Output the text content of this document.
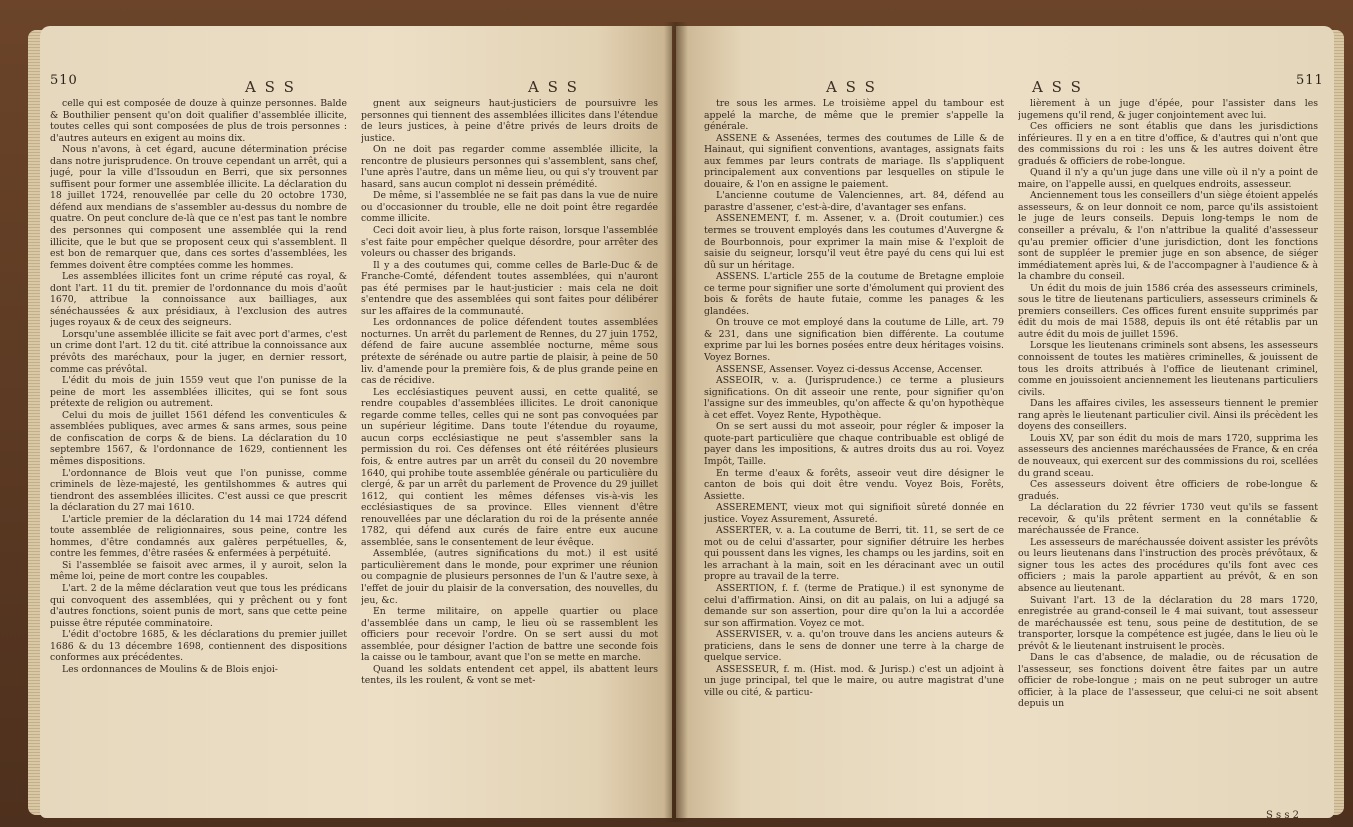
510	A S S	A S S

celle qui est composée de douze à quinze personnes. Balde & Bouthilier pensent qu'on doit qualifier d'assemblée illicite, toutes celles qui sont composées de plus de trois personnes : d'autres auteurs en exigent au moins dix.

Nous n'avons, à cet égard, aucune détermination précise dans notre jurisprudence. On trouve cependant un arrêt, qui a jugé, pour la ville d'Issoudun en Berri, que six personnes suffisent pour former une assemblée illicite. La déclaration du 18 juillet 1724, renouvellée par celle du 20 octobre 1730, défend aux mendians de s'assembler au-dessus du nombre de quatre. On peut conclure de-là que ce n'est pas tant le nombre des personnes qui composent une assemblée qui la rend illicite, que le but que se proposent ceux qui s'assemblent. Il est bon de remarquer que, dans ces sortes d'assemblées, les femmes doivent être comptées comme les hommes.

Les assemblées illicites font un crime réputé cas royal, & dont l'art. 11 du tit. premier de l'ordonnance du mois d'août 1670, attribue la connoissance aux bailliages, aux sénéchaussées & aux présidiaux, à l'exclusion des autres juges royaux & de ceux des seigneurs.

Lorsqu'une assemblée illicite se fait avec port d'armes, c'est un crime dont l'art. 12 du tit. cité attribue la connoissance aux prévôts des maréchaux, pour la juger, en dernier ressort, comme cas prévôtal.

L'édit du mois de juin 1559 veut que l'on punisse de la peine de mort les assemblées illicites, qui se font sous prétexte de religion ou autrement.

Celui du mois de juillet 1561 défend les conventicules & assemblées publiques, avec armes & sans armes, sous peine de confiscation de corps & de biens. La déclaration du 10 septembre 1567, & l'ordonnance de 1629, contiennent les mêmes dispositions.

L'ordonnance de Blois veut que l'on punisse, comme criminels de lèze-majesté, les gentilshommes & autres qui tiendront des assemblées illicites. C'est aussi ce que prescrit la déclaration du 27 mai 1610.

L'article premier de la déclaration du 14 mai 1724 défend toute assemblée de religionnaires, sous peine, contre les hommes, d'être condamnés aux galères perpétuelles, &, contre les femmes, d'être rasées & enfermées à perpétuité.

Si l'assemblée se faisoit avec armes, il y auroit, selon la même loi, peine de mort contre les coupables.

L'art. 2 de la même déclaration veut que tous les prédicans qui convoquent des assemblées, qui y prêchent ou y font d'autres fonctions, soient punis de mort, sans que cette peine puisse être réputée comminatoire.

L'édit d'octobre 1685, & les déclarations du premier juillet 1686 & du 13 décembre 1698, contiennent des dispositions conformes aux précédentes.

Les ordonnances de Moulins & de Blois enjoi-

gnent aux seigneurs haut-justiciers de poursuivre les personnes qui tiennent des assemblées illicites dans l'étendue de leurs justices, à peine d'être privés de leurs droits de justice.

On ne doit pas regarder comme assemblée illicite, la rencontre de plusieurs personnes qui s'assemblent, sans chef, l'une après l'autre, dans un même lieu, ou qui s'y trouvent par hasard, sans aucun complot ni dessein prémédité.

De même, si l'assemblée ne se fait pas dans la vue de nuire ou d'occasionner du trouble, elle ne doit point être regardée comme illicite.

Ceci doit avoir lieu, à plus forte raison, lorsque l'assemblée s'est faite pour empêcher quelque désordre, pour arrêter des voleurs ou chasser des brigands.

Il y a des coutumes qui, comme celles de Barle-Duc & de Franche-Comté, défendent toutes assemblées, qui n'auront pas été permises par le haut-justicier : mais cela ne doit s'entendre que des assemblées qui sont faites pour délibérer sur les affaires de la communauté.

Les ordonnances de police défendent toutes assemblées nocturnes. Un arrêt du parlement de Rennes, du 27 juin 1752, défend de faire aucune assemblée nocturne, même sous prétexte de sérénade ou autre partie de plaisir, à peine de 50 liv. d'amende pour la première fois, & de plus grande peine en cas de récidive.

Les ecclésiastiques peuvent aussi, en cette qualité, se rendre coupables d'assemblées illicites. Le droit canonique regarde comme telles, celles qui ne sont pas convoquées par un supérieur légitime. Dans toute l'étendue du royaume, aucun corps ecclésiastique ne peut s'assembler sans la permission du roi. Ces défenses ont été réitérées plusieurs fois, & entre autres par un arrêt du conseil du 20 novembre 1640, qui prohibe toute assemblée générale ou particulière du clergé, & par un arrêt du parlement de Provence du 29 juillet 1612, qui contient les mêmes défenses vis-à-vis les ecclésiastiques de sa province. Elles viennent d'être renouvellées par une déclaration du roi de la présente année 1782, qui défend aux curés de faire entre eux aucune assemblée, sans le consentement de leur évêque.

Assemblée, (autres significations du mot.) il est usité particulièrement dans le monde, pour exprimer une réunion ou compagnie de plusieurs personnes de l'un & l'autre sexe, à l'effet de jouir du plaisir de la conversation, des nouvelles, du jeu, &c.

En terme militaire, on appelle quartier ou place d'assemblée dans un camp, le lieu où se rassemblent les officiers pour recevoir l'ordre. On se sert aussi du mot assemblée, pour désigner l'action de battre une seconde fois la caisse ou le tambour, avant que l'on se mette en marche.

Quand les soldats entendent cet appel, ils abattent leurs tentes, ils les roulent, & vont se met-

A S S	A S S	511

tre sous les armes. Le troisième appel du tambour est appelé la marche, de même que le premier s'appelle la générale.

ASSENE & Assenées, termes des coutumes de Lille & de Hainaut, qui signifient conventions, avantages, assignats faits aux femmes par leurs contrats de mariage. Ils s'appliquent principalement aux conventions par lesquelles on stipule le douaire, & l'on en assigne le paiement.

L'ancienne coutume de Valenciennes, art. 84, défend au parastre d'assener, c'est-à-dire, d'avantager ses enfans.

ASSENEMENT, f. m. Assener, v. a. (Droit coutumier.) ces termes se trouvent employés dans les coutumes d'Auvergne & de Bourbonnois, pour exprimer la main mise & l'exploit de saisie du seigneur, lorsqu'il veut être payé du cens qui lui est dû sur un héritage.

ASSENS. L'article 255 de la coutume de Bretagne emploie ce terme pour signifier une sorte d'émolument qui provient des bois & forêts de haute futaie, comme les panages & les glandées.

On trouve ce mot employé dans la coutume de Lille, art. 79 & 231, dans une signification bien différente. La coutume exprime par lui les bornes posées entre deux héritages voisins. Voyez Bornes.

ASSENSE, Assenser. Voyez ci-dessus Accense, Accenser.

ASSEOIR, v. a. (Jurisprudence.) ce terme a plusieurs significations. On dit asseoir une rente, pour signifier qu'on l'assigne sur des immeubles, qu'on affecte & qu'on hypothèque à cet effet. Voyez Rente, Hypothèque.

On se sert aussi du mot asseoir, pour régler & imposer la quote-part particulière que chaque contribuable est obligé de payer dans les impositions, & autres droits dus au roi. Voyez Impôt, Taille.

En terme d'eaux & forêts, asseoir veut dire désigner le canton de bois qui doit être vendu. Voyez Bois, Forêts, Assiette.

ASSEREMENT, vieux mot qui signifioit sûreté donnée en justice. Voyez Assurement, Assureté.

ASSERTER, v. a. La coutume de Berri, tit. 11, se sert de ce mot ou de celui d'assarter, pour signifier détruire les herbes qui poussent dans les vignes, les champs ou les jardins, soit en les arrachant à la main, soit en les déracinant avec un outil propre au travail de la terre.

ASSERTION, f. f. (terme de Pratique.) il est synonyme de celui d'affirmation. Ainsi, on dit au palais, on lui a adjugé sa demande sur son assertion, pour dire qu'on la lui a accordée sur son affirmation. Voyez ce mot.

ASSERVISER, v. a. qu'on trouve dans les anciens auteurs & praticiens, dans le sens de donner une terre à la charge de quelque service.

ASSESSEUR, f. m. (Hist. mod. & Jurisp.) c'est un adjoint à un juge principal, tel que le maire, ou autre magistrat d'une ville ou cité, & particu-

lièrement à un juge d'épée, pour l'assister dans les jugemens qu'il rend, & juger conjointement avec lui.

Ces officiers ne sont établis que dans les jurisdictions inférieures. Il y en a en titre d'office, & d'autres qui n'ont que des commissions du roi : les uns & les autres doivent être gradués & officiers de robe-longue.

Quand il n'y a qu'un juge dans une ville où il n'y a point de maire, on l'appelle aussi, en quelques endroits, assesseur.

Anciennement tous les conseillers d'un siège étoient appelés assesseurs, & on leur donnoit ce nom, parce qu'ils assistoient le juge de leurs conseils. Depuis long-temps le nom de conseiller a prévalu, & l'on n'attribue la qualité d'assesseur qu'au premier officier d'une jurisdiction, dont les fonctions sont de suppléer le premier juge en son absence, de siéger immédiatement après lui, & de l'accompagner à l'audience & à la chambre du conseil.

Un édit du mois de juin 1586 créa des assesseurs criminels, sous le titre de lieutenans particuliers, assesseurs criminels & premiers conseillers. Ces offices furent ensuite supprimés par édit du mois de mai 1588, depuis ils ont été rétablis par un autre édit du mois de juillet 1596.

Lorsque les lieutenans criminels sont absens, les assesseurs connoissent de toutes les matières criminelles, & jouissent de tous les droits attribués à l'office de lieutenant criminel, comme en jouissoient anciennement les lieutenans particuliers civils.

Dans les affaires civiles, les assesseurs tiennent le premier rang après le lieutenant particulier civil. Ainsi ils précèdent les doyens des conseillers.

Louis XV, par son édit du mois de mars 1720, supprima les assesseurs des anciennes maréchaussées de France, & en créa de nouveaux, qui exercent sur des commissions du roi, scellées du grand sceau.

Ces assesseurs doivent être officiers de robe-longue & gradués.

La déclaration du 22 février 1730 veut qu'ils se fassent recevoir, & qu'ils prêtent serment en la connétablie & maréchaussée de France.

Les assesseurs de maréchaussée doivent assister les prévôts ou leurs lieutenans dans l'instruction des procès prévôtaux, & signer tous les actes des procédures qu'ils font avec ces officiers ; mais la parole appartient au prévôt, & en son absence au lieutenant.

Suivant l'art. 13 de la déclaration du 28 mars 1720, enregistrée au grand-conseil le 4 mai suivant, tout assesseur de maréchaussée est tenu, sous peine de destitution, de se transporter, lorsque la compétence est jugée, dans le lieu où le prévôt & le lieutenant instruisent le procès.

Dans le cas d'absence, de maladie, ou de récusation de l'assesseur, ses fonctions doivent être faites par un autre officier de robe-longue ; mais on ne peut subroger un autre officier, à la place de l'assesseur, que celui-ci ne soit absent depuis un

S s s 2
